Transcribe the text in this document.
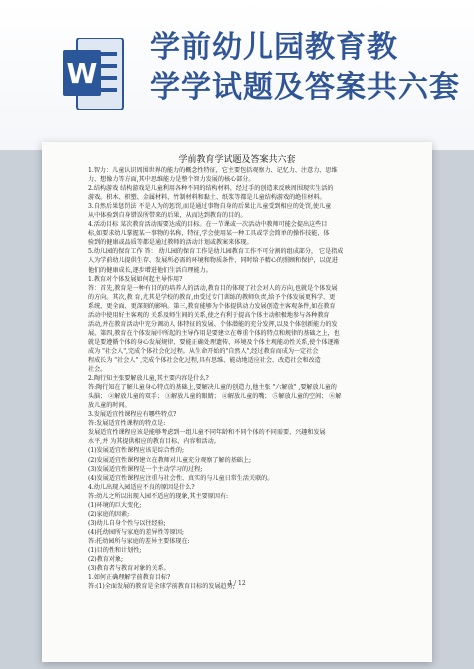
W
学前幼儿园教育教
学学试题及答案共六套
学前教育学试题及答案共六套

1.智力：儿童认识周围世界的能力的概念性特征，它主要包括观察力、记忆力、注意力、思维

力、想像力等方面,其中思维能力是整个智力发展的核心部分。

2.结构游戏 结构游戏是儿童利用各种不同的结构材料，经过手的创造来反映周围现实生活的

游戏。积木、积塑、金属材料、竹制材料和黏土、纸浆等都是儿童结构游戏的绝佳材料。

3.自然后果惩罚法 不是人为的惩罚,而是通过事物自身的后果让儿童受到相应的处罚,使儿童

从中体验到自身错误所带来的后果，从而达到教育的目的。

4.活动目标 某次教育活动需要达成的目标。在一节课或一次活动中教师可能会提出这些目

标,如要求幼儿掌握某一事物的名称，特征,学会使用某一种工具或学会简单的操作技能，体

验到的健康或品质等都是通过教师的活动计划或教案来体现。

5.幼儿园的保育工作 答： 幼儿园的保育工作是幼儿园教育工作不可分割的组成部分， 它是指成

人为学前幼儿提供生存、发展所必需的环境和物质条件，同时给予精心的照顾和保护，以促进

他们的健康成长,逐步增进他们生活自理能力。

1.教育对个体发展如何起主导作用?

答：首先,教育是一种有目的的培养人的活动,教育目的体现了社会对人的方向,也就是个体发展

的方向。其次,教 育,尤其是学校的教育,由受过专门训练的教师负责,给予个体发展更科学、更

系统、更全面、更深刻的影响。第三,教育能够为个体提供动力发展创造主客观条件,如在教育

活动中使用好主客观的 关系及师生间的关系,使之有利于提高个体主动积极地参与各种教育

活动,并在教育活动中充分调动人 体特征的发展、个体潜能的充分发挥,以及个体创新能力的发

展。第四,教育在个体发展中所起的主导作用是要建立在尊重个体的特点和规律的基础之上，也

就是要遵循个体的身心发展规律，要能正确处理遗传、环境及个体主观能动性关系,使个体逐渐

成为 "社会人",完成个体社会化过程。从生命开始的"自然人",经过教育而成为一定社会

程成长为 "社会人" ,完成个体社会化过程,具有思维、能动地适应社会、改造社会和改造

社会。

2.陶行知主张要解放儿童,其主要内容是什么?

答:陶行知在了解儿童身心特点的基础上,要解决儿童的创造力,他主张 "六解放" ,要解放儿童的

头脑； ②解放儿童的双手； ③解放儿童的眼睛； ④解放儿童的嘴； ⑤解放儿童的空间； ⑥解

放儿童的时间。

3.发展适宜性课程应有哪些特点?

答:发展适宜性课程的特点是:

发展适宜性课程应该是能够考虑到一组儿童不同年龄和不同个体的不同需要、兴趣和发展

水平,并 为其提供相应的教育目标、内容和活动。

(1)发展适宜性课程应该是综合性的;

(2)发展适宜性课程建立在教师对儿童充分观察了解的基础上;

(3)发展适宜性课程是一个主动学习的过程;

(4)发展适宜性课程应注重与社会性、真实的与儿童日常生活关联的。

4.幼儿出现入园适应不良的原因是什么?

答:幼儿之所以出现入园不适应的现象,其主要原因有:

(1)环境的巨大变化;

(2)家庭的因素;

(3)幼儿自身个性与以往经验;

(4)托幼园所与家庭的差异性等原因;

答:托幼园所与家庭的差异主要体现在:

(1)目的性和计划性;

(2)教育对象;

(3)教育者与教育对象的关系。

1.如何正确理解学前教育目标?

答:(1)全面发展的教育是全球学前教育目标的发展趋势;

1 / 12
